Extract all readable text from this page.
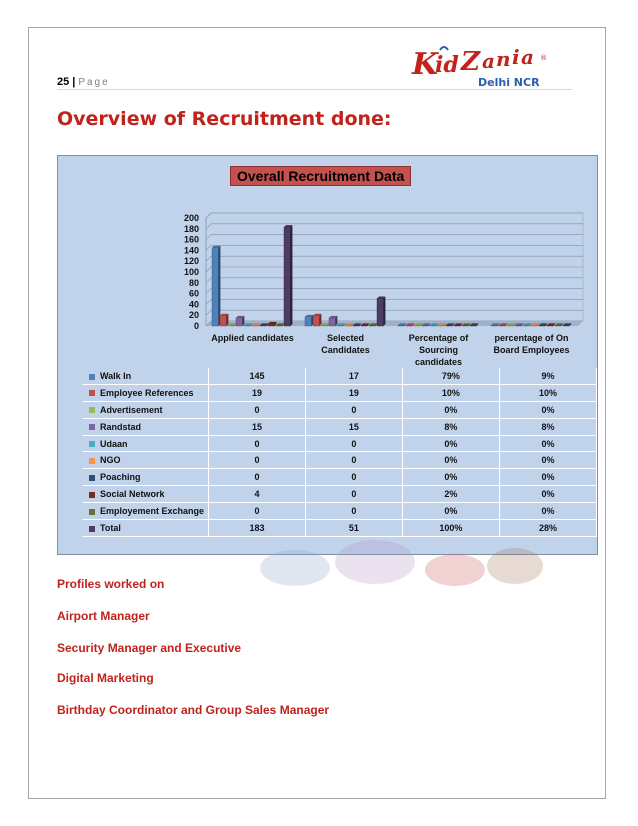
25 | Page
K
id Z a n i a ®
Delhi NCR
Overview of Recruitment done:
0
20
40
60
80
100
120
140
160
180
200
Applied candidates	Selected
Candidates
Percentage of
Sourcing
candidates
percentage of On
Board Employees
Overall Recruitment Data
Walk In	145	17	79%	9%
Employee References	19	19	10%	10%
Advertisement	0	0	0%	0%
Randstad	15	15	8%	8%
Udaan	0	0	0%	0%
NGO	0	0	0%	0%
Poaching	0	0	0%	0%
Social Network	4	0	2%	0%
Employement Exchange	0	0	0%	0%
Total	183	51	100%	28%
Profiles worked on
Airport Manager
Security Manager and Executive
Digital Marketing
Birthday Coordinator and Group Sales Manager
